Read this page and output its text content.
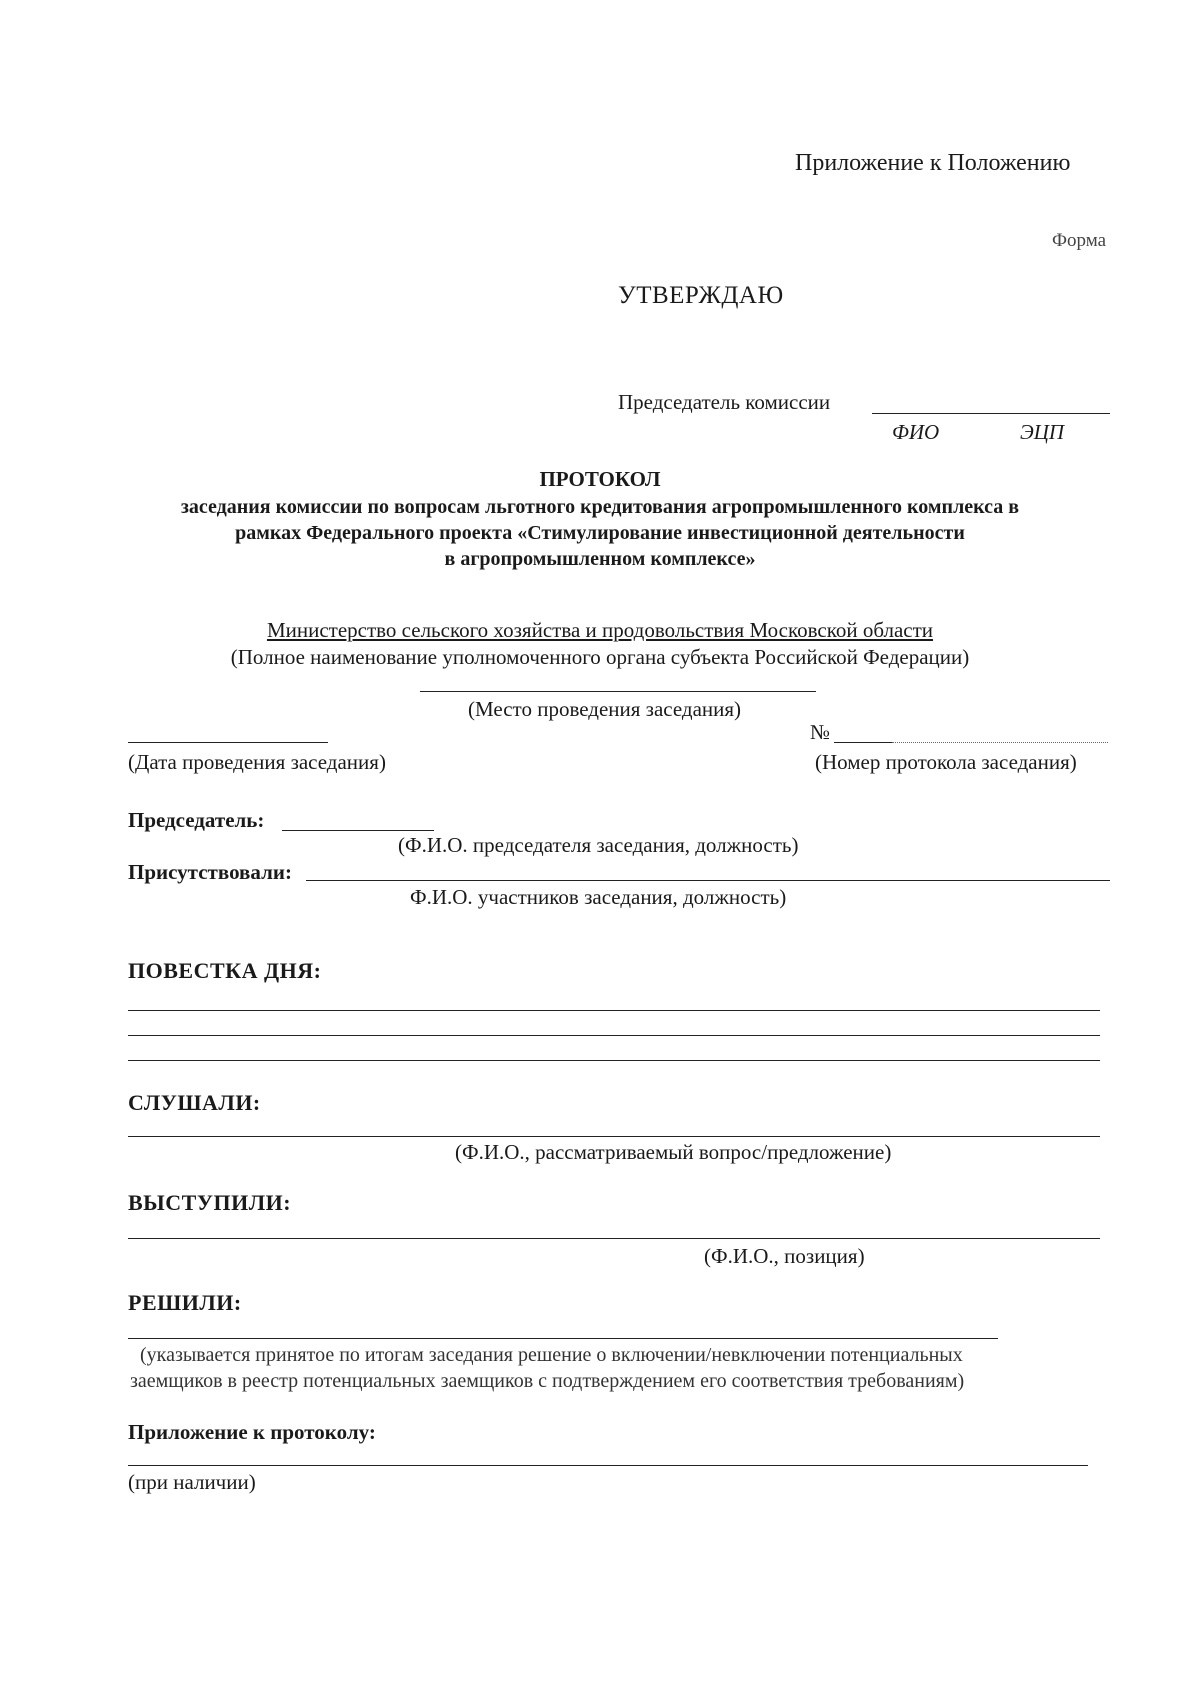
Приложение к Положению
Форма
УТВЕРЖДАЮ
Председатель комиссии
ФИО	ЭЦП
ПРОТОКОЛ
заседания комиссии по вопросам льготного кредитования агропромышленного комплекса в
рамках Федерального проекта «Стимулирование инвестиционной деятельности
в агропромышленном комплексе»
Министерство сельского хозяйства и продовольствия Московской области
(Полное наименование уполномоченного органа субъекта Российской Федерации)
(Место проведения заседания)
№
(Дата проведения заседания)	(Номер протокола заседания)
Председатель:
(Ф.И.О. председателя заседания, должность)
Присутствовали:
Ф.И.О. участников заседания, должность)
ПОВЕСТКА ДНЯ:
СЛУШАЛИ:
(Ф.И.О., рассматриваемый вопрос/предложение)
ВЫСТУПИЛИ:
(Ф.И.О., позиция)
РЕШИЛИ:
(указывается принятое по итогам заседания решение о включении/невключении потенциальных
заемщиков в реестр потенциальных заемщиков с подтверждением его соответствия требованиям)
Приложение к протоколу:
(при наличии)
